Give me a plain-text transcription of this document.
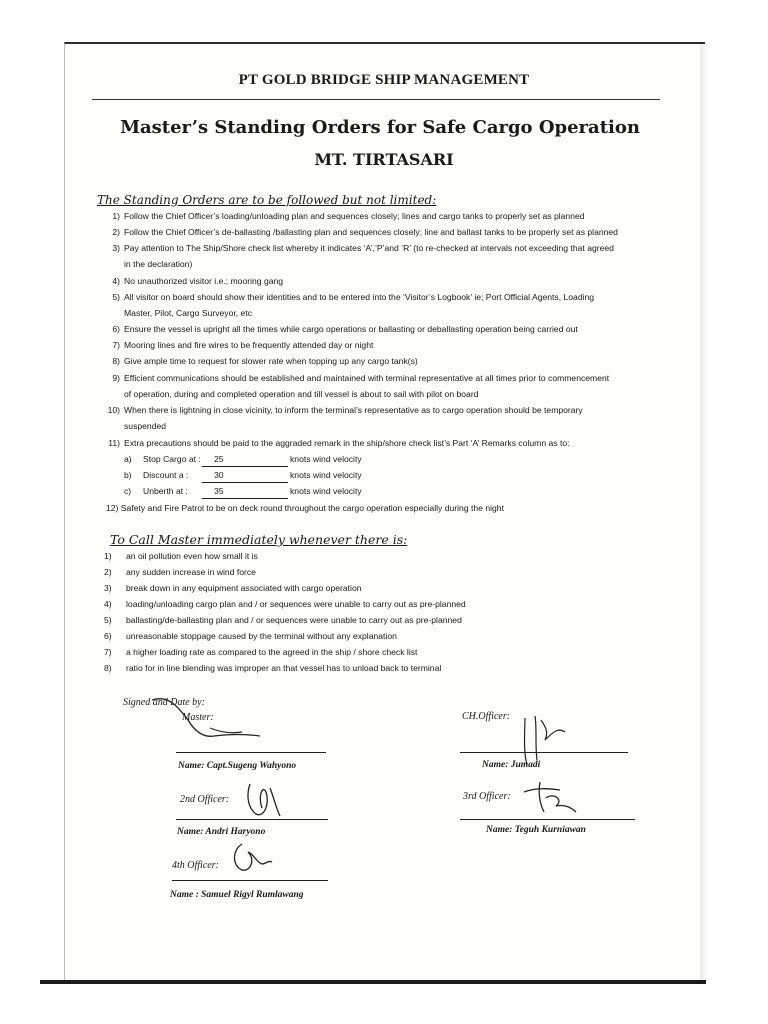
PT GOLD BRIDGE SHIP MANAGEMENT
Master’s Standing Orders for Safe Cargo Operation
MT. TIRTASARI
The Standing Orders are to be followed but not limited:
1) Follow the Chief Officer’s loading/unloading plan and sequences closely; lines and cargo tanks to properly set as planned
2) Follow the Chief Officer’s de-ballasting /ballasting plan and sequences closely; line and ballast tanks to be properly set as planned
3) Pay attention to The Ship/Shore check list whereby it indicates ‘A’,’P’and ‘R’ (to re-checked at intervals not exceeding that agreed
in the declaration)
4) No unauthorized visitor i.e.; mooring gang
5) All visitor on board should show their identities and to be entered into the ‘Visitor’s Logbook’ ie; Port Official Agents, Loading
Master, Pilot, Cargo Surveyor, etc
6) Ensure the vessel is upright all the times while cargo operations or ballasting or deballasting operation being carried out
7) Mooring lines and fire wires to be frequently attended day or night
8) Give ample time to request for slower rate when topping up any cargo tank(s)
9) Efficient communications should be established and maintained with terminal representative at all times prior to commencement
of operation, during and completed operation and till vessel is about to sail with pilot on board
10) When there is lightning in close vicinity, to inform the terminal’s representative as to cargo operation should be temporary
suspended
11) Extra precautions should be paid to the aggraded remark in the ship/shore check list’s Part ‘A’ Remarks column as to:
a) Stop Cargo at :	25	knots wind velocity
b) Discount a :	30	knots wind velocity
c) Unberth at :	35	knots wind velocity
12) Safety and Fire Patrol to be on deck round throughout the cargo operation especially during the night
To Call Master immediately whenever there is:
1) an oil pollution even how small it is
2) any sudden increase in wind force
3) break down in any equipment associated with cargo operation
4) loading/unloading cargo plan and / or sequences were unable to carry out as pre-planned
5) ballasting/de-ballasting plan and / or sequences were unable to carry out as pre-planned
6) unreasonable stoppage caused by the terminal without any explanation
7) a higher loading rate as compared to the agreed in the ship / shore check list
8) ratio for in line blending was improper an that vessel has to unload back to terminal
Signed and Date by:
Master:
Name: Capt.Sugeng Wahyono
CH.Officer:
Name: Jumadi
2nd Officer:
Name: Andri Haryono
3rd Officer:
Name: Teguh Kurniawan
4th Officer:
Name : Samuel Rigyl Rumlawang
